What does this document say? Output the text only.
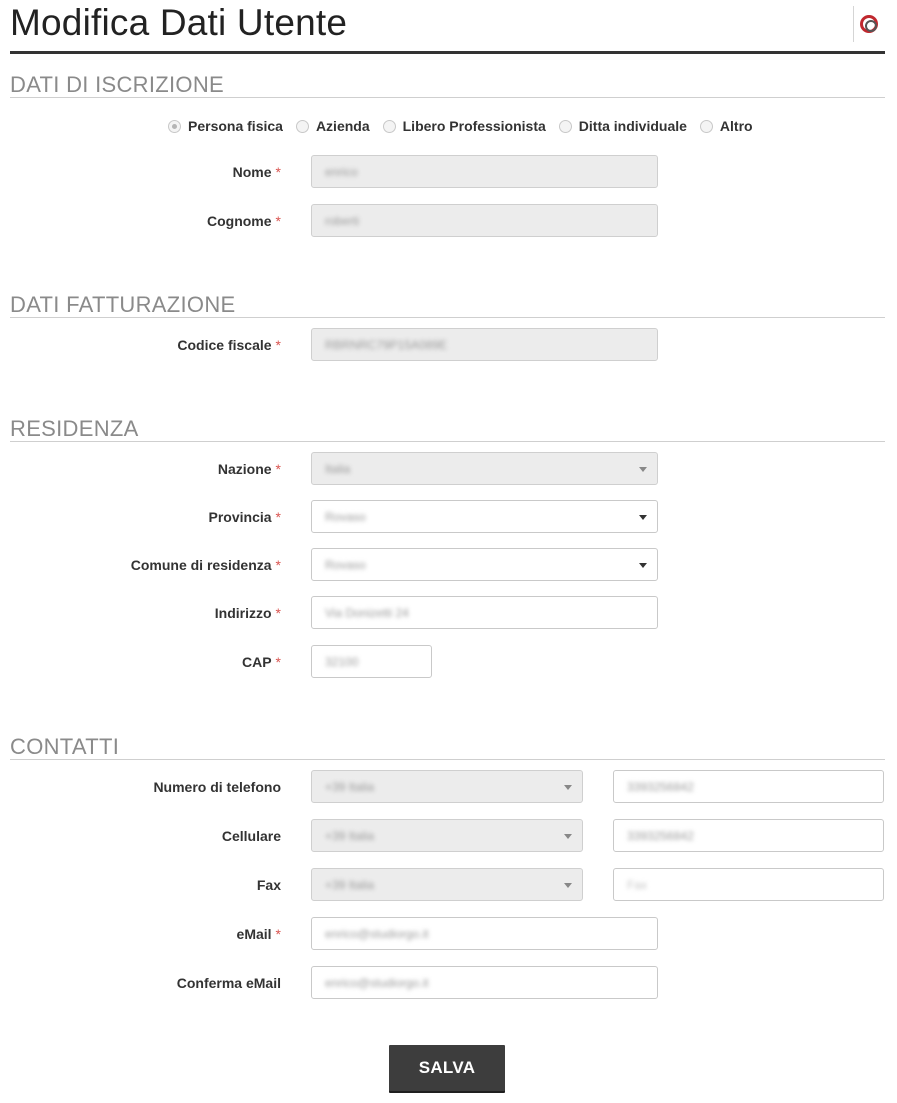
Modifica Dati Utente
DATI DI ISCRIZIONE
Persona fisica Azienda Libero Professionista Ditta individuale Altro
Nome *	enrico
Cognome *	roberti
DATI FATTURAZIONE
Codice fiscale *	RBRNRC79P15A089E
RESIDENZA
Nazione *	Italia
Provincia *	Rovaso
Comune di residenza *	Rovaso
Indirizzo *	Via Donizetti 24
CAP *	32100
CONTATTI
Numero di telefono	+39 Italia	3393256842
Cellulare	+39 Italia	3393256842
Fax	+39 Italia	Fax
eMail *	enrico@studiorgo.it
Conferma eMail	enrico@studiorgo.it
SALVA
